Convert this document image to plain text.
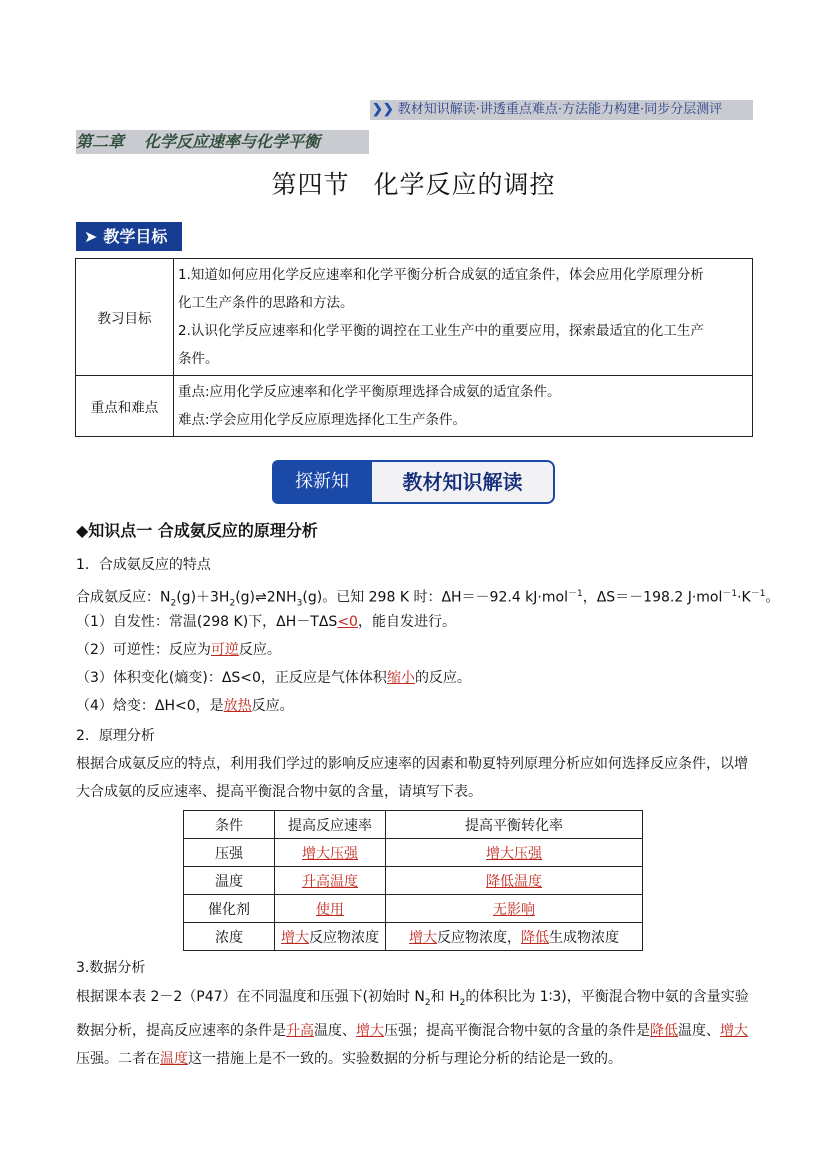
❯❯ 教材知识解读·讲透重点难点·方法能力构建·同步分层测评
第二章 化学反应速率与化学平衡
第四节 化学反应的调控
➤ 教学目标
教习目标	1.知道如何应用化学反应速率和化学平衡分析合成氨的适宜条件，体会应用化学原理分析
化工生产条件的思路和方法。
2.认识化学反应速率和化学平衡的调控在工业生产中的重要应用，探索最适宜的化工生产
条件。

重点和难点	重点:应用化学反应速率和化学平衡原理选择合成氨的适宜条件。
难点:学会应用化学反应原理选择化工生产条件。
探新知	教材知识解读
◆知识点一 合成氨反应的原理分析
1．合成氨反应的特点
合成氨反应：$N_2(g)+3H_2(g)\rightleftharpoons 2NH_3(g)$。已知 298 K 时：ΔH＝－92.4 kJ·mol$^{-1}$，ΔS＝－198.2 $J\cdot mol^{-1}\cdot K^{-1}$。
（1）自发性：常温(298 K)下，ΔH－TΔS<0，能自发进行。
（2）可逆性：反应为可逆反应。
（3）体积变化(熵变)：ΔS<0，正反应是气体体积缩小的反应。
（4）焓变：ΔH<0，是放热反应。
2．原理分析
根据合成氨反应的特点，利用我们学过的影响反应速率的因素和勒夏特列原理分析应如何选择反应条件，以增大合成氨的反应速率、提高平衡混合物中氨的含量，请填写下表。
条件	提高反应速率	提高平衡转化率
压强	增大压强	增大压强
温度	升高温度	降低温度
催化剂	使用	无影响
浓度	增大反应物浓度	增大反应物浓度，降低生成物浓度
3.数据分析
根据课本表 2－2（P47）在不同温度和压强下(初始时 $N_2$和 $H_2$的体积比为 1∶3)，平衡混合物中氨的含量实验数据分析，提高反应速率的条件是升高温度、增大压强；提高平衡混合物中氨的含量的条件是降低温度、增大压强。二者在温度这一措施上是不一致的。实验数据的分析与理论分析的结论是一致的。
